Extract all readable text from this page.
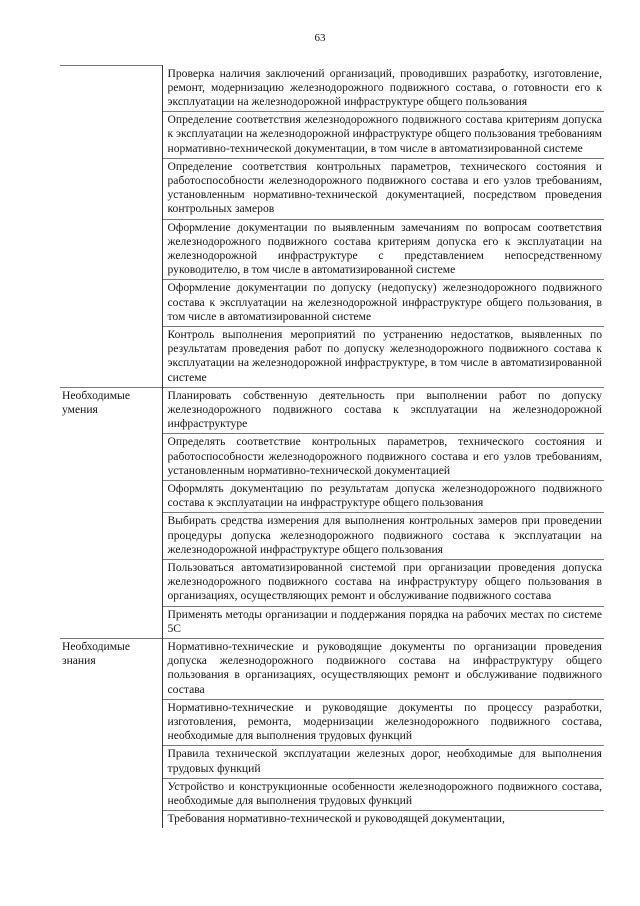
63
	Проверка наличия заключений организаций, проводивших разработку, изготовление, ремонт, модернизацию железнодорожного подвижного состава, о готовности его к эксплуатации на железнодорожной инфраструктуре общего пользования
	Определение соответствия железнодорожного подвижного состава критериям допуска к эксплуатации на железнодорожной инфраструктуре общего пользования требованиям нормативно-технической документации, в том числе в автоматизированной системе
	Определение соответствия контрольных параметров, технического состояния и работоспособности железнодорожного подвижного состава и его узлов требованиям, установленным нормативно-технической документацией, посредством проведения контрольных замеров
	Оформление документации по выявленным замечаниям по вопросам соответствия железнодорожного подвижного состава критериям допуска его к эксплуатации на железнодорожной инфраструктуре с представлением непосредственному руководителю, в том числе в автоматизированной системе
	Оформление документации по допуску (недопуску) железнодорожного подвижного состава к эксплуатации на железнодорожной инфраструктуре общего пользования, в том числе в автоматизированной системе
	Контроль выполнения мероприятий по устранению недостатков, выявленных по результатам проведения работ по допуску железнодорожного подвижного состава к эксплуатации на железнодорожной инфраструктуре, в том числе в автоматизированной системе
Необходимые умения	Планировать собственную деятельность при выполнении работ по допуску железнодорожного подвижного состава к эксплуатации на железнодорожной инфраструктуре
	Определять соответствие контрольных параметров, технического состояния и работоспособности железнодорожного подвижного состава и его узлов требованиям, установленным нормативно-технической документацией
	Оформлять документацию по результатам допуска железнодорожного подвижного состава к эксплуатации на инфраструктуре общего пользования
	Выбирать средства измерения для выполнения контрольных замеров при проведении процедуры допуска железнодорожного подвижного состава к эксплуатации на железнодорожной инфраструктуре общего пользования
	Пользоваться автоматизированной системой при организации проведения допуска железнодорожного подвижного состава на инфраструктуру общего пользования в организациях, осуществляющих ремонт и обслуживание подвижного состава
	Применять методы организации и поддержания порядка на рабочих местах по системе 5С
Необходимые знания	Нормативно-технические и руководящие документы по организации проведения допуска железнодорожного подвижного состава на инфраструктуру общего пользования в организациях, осуществляющих ремонт и обслуживание подвижного состава
	Нормативно-технические и руководящие документы по процессу разработки, изготовления, ремонта, модернизации железнодорожного подвижного состава, необходимые для выполнения трудовых функций
	Правила технической эксплуатации железных дорог, необходимые для выполнения трудовых функций
	Устройство и конструкционные особенности железнодорожного подвижного состава, необходимые для выполнения трудовых функций
	Требования нормативно-технической и руководящей документации,
